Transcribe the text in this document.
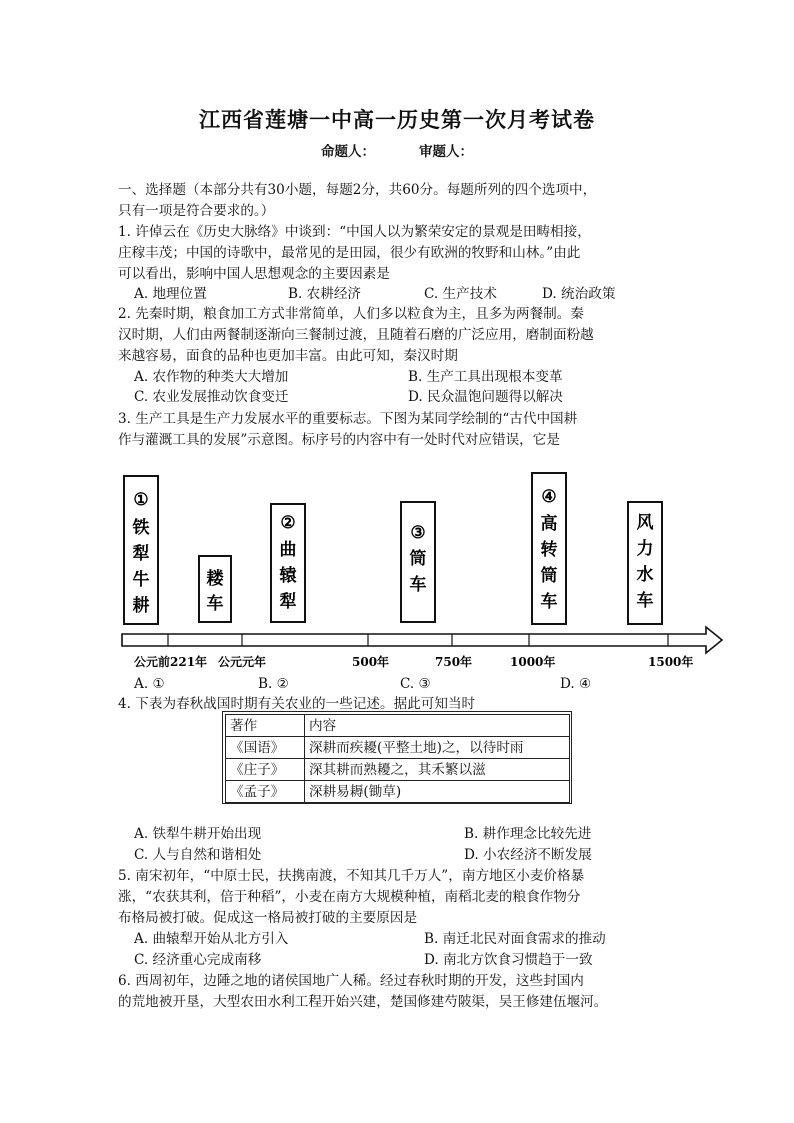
江西省莲塘一中高一历史第一次月考试卷
命题人：	审题人：
一、选择题（本部分共有30小题，每题2分，共60分。每题所列的四个选项中，
只有一项是符合要求的。）
1. 许倬云在《历史大脉络》中谈到：“中国人以为繁荣安定的景观是田畴相接，
庄稼丰茂；中国的诗歌中，最常见的是田园，很少有欧洲的牧野和山林。”由此
可以看出，影响中国人思想观念的主要因素是
A. 地理位置	B. 农耕经济	C. 生产技术	D. 统治政策
2. 先秦时期，粮食加工方式非常简单，人们多以粒食为主，且多为两餐制。秦
汉时期，人们由两餐制逐渐向三餐制过渡，且随着石磨的广泛应用，磨制面粉越
来越容易，面食的品种也更加丰富。由此可知，秦汉时期
A. 农作物的种类大大增加	B. 生产工具出现根本变革
C. 农业发展推动饮食变迁	D. 民众温饱问题得以解决
3. 生产工具是生产力发展水平的重要标志。下图为某同学绘制的“古代中国耕
作与灌溉工具的发展”示意图。标序号的内容中有一处时代对应错误，它是
①
铁
犁
牛
耕
耧
车
②
曲
辕
犁
③
筒
车
④
高
转
筒
车
风
力
水
车
公元前221年 公元元年	500年	750年	1000年	1500年
A. ①	B. ②	C. ③	D. ④
4. 下表为春秋战国时期有关农业的一些记述。据此可知当时
著作	内容
《国语》	深耕而疾耰(平整土地)之，以待时雨
《庄子》	深其耕而熟耰之，其禾繁以滋
《孟子》	深耕易耨(锄草)
A. 铁犁牛耕开始出现	B. 耕作理念比较先进
C. 人与自然和谐相处	D. 小农经济不断发展
5. 南宋初年，“中原士民，扶携南渡，不知其几千万人”，南方地区小麦价格暴
涨，“农获其利，倍于种稻”，小麦在南方大规模种植，南稻北麦的粮食作物分
布格局被打破。促成这一格局被打破的主要原因是
A. 曲辕犁开始从北方引入	B. 南迁北民对面食需求的推动
C. 经济重心完成南移	D. 南北方饮食习惯趋于一致
6. 西周初年，边陲之地的诸侯国地广人稀。经过春秋时期的开发，这些封国内
的荒地被开垦，大型农田水利工程开始兴建，楚国修建芍陂渠，吴王修建伍堰河。
